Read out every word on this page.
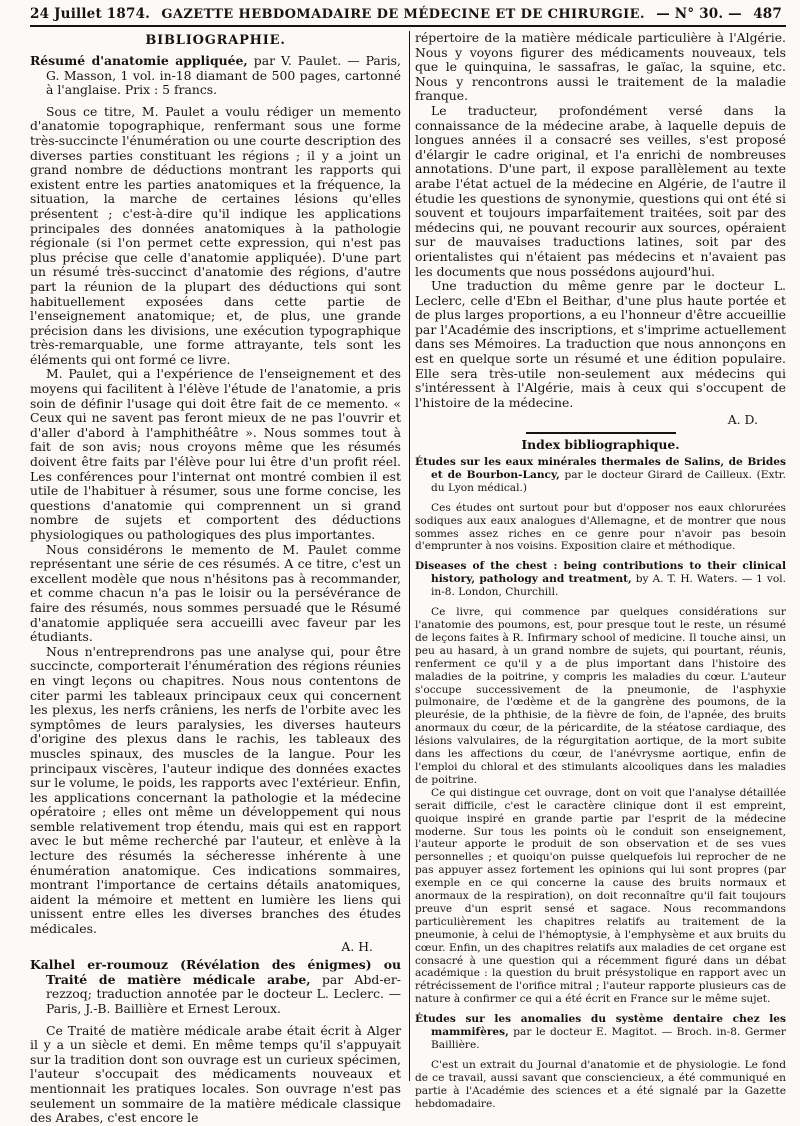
24 Juillet 1874. GAZETTE HEBDOMADAIRE DE MÉDECINE ET DE CHIRURGIE. — N° 30. — 487
BIBLIOGRAPHIE.

Résumé d'anatomie appliquée, par V. Paulet. — Paris, G. Masson, 1 vol. in-18 diamant de 500 pages, cartonné à l'anglaise. Prix : 5 francs.

Sous ce titre, M. Paulet a voulu rédiger un memento d'anatomie topographique, renfermant sous une forme très-succincte l'énumération ou une courte description des diverses parties constituant les régions ; il y a joint un grand nombre de déductions montrant les rapports qui existent entre les parties anatomiques et la fréquence, la situation, la marche de certaines lésions qu'elles présentent ; c'est-à-dire qu'il indique les applications principales des données anatomiques à la pathologie régionale (si l'on permet cette expression, qui n'est pas plus précise que celle d'anatomie appliquée). D'une part un résumé très-succinct d'anatomie des régions, d'autre part la réunion de la plupart des déductions qui sont habituellement exposées dans cette partie de l'enseignement anatomique; et, de plus, une grande précision dans les divisions, une exécution typographique très-remarquable, une forme attrayante, tels sont les éléments qui ont formé ce livre.

M. Paulet, qui a l'expérience de l'enseignement et des moyens qui facilitent à l'élève l'étude de l'anatomie, a pris soin de définir l'usage qui doit être fait de ce memento. « Ceux qui ne savent pas feront mieux de ne pas l'ouvrir et d'aller d'abord à l'amphithéâtre ». Nous sommes tout à fait de son avis; nous croyons même que les résumés doivent être faits par l'élève pour lui être d'un profit réel. Les conférences pour l'internat ont montré combien il est utile de l'habituer à résumer, sous une forme concise, les questions d'anatomie qui comprennent un si grand nombre de sujets et comportent des déductions physiologiques ou pathologiques des plus importantes.

Nous considérons le memento de M. Paulet comme représentant une série de ces résumés. A ce titre, c'est un excellent modèle que nous n'hésitons pas à recommander, et comme chacun n'a pas le loisir ou la persévérance de faire des résumés, nous sommes persuadé que le Résumé d'anatomie appliquée sera accueilli avec faveur par les étudiants.

Nous n'entreprendrons pas une analyse qui, pour être succincte, comporterait l'énumération des régions réunies en vingt leçons ou chapitres. Nous nous contentons de citer parmi les tableaux principaux ceux qui concernent les plexus, les nerfs crâniens, les nerfs de l'orbite avec les symptômes de leurs paralysies, les diverses hauteurs d'origine des plexus dans le rachis, les tableaux des muscles spinaux, des muscles de la langue. Pour les principaux viscères, l'auteur indique des données exactes sur le volume, le poids, les rapports avec l'extérieur. Enfin, les applications concernant la pathologie et la médecine opératoire ; elles ont même un développement qui nous semble relativement trop étendu, mais qui est en rapport avec le but même recherché par l'auteur, et enlève à la lecture des résumés la sécheresse inhérente à une énumération anatomique. Ces indications sommaires, montrant l'importance de certains détails anatomiques, aident la mémoire et mettent en lumière les liens qui unissent entre elles les diverses branches des études médicales.

A. H.

Kalhel er-roumouz (Révélation des énigmes) ou Traité de matière médicale arabe, par Abd-er-rezzoq; traduction annotée par le docteur L. Leclerc. — Paris, J.-B. Baillière et Ernest Leroux.

Ce Traité de matière médicale arabe était écrit à Alger il y a un siècle et demi. En même temps qu'il s'appuyait sur la tradition dont son ouvrage est un curieux spécimen, l'auteur s'occupait des médicaments nouveaux et mentionnait les pratiques locales. Son ouvrage n'est pas seulement un sommaire de la matière médicale classique des Arabes, c'est encore le

répertoire de la matière médicale particulière à l'Algérie. Nous y voyons figurer des médicaments nouveaux, tels que le quinquina, le sassafras, le gaïac, la squine, etc. Nous y rencontrons aussi le traitement de la maladie franque.

Le traducteur, profondément versé dans la connaissance de la médecine arabe, à laquelle depuis de longues années il a consacré ses veilles, s'est proposé d'élargir le cadre original, et l'a enrichi de nombreuses annotations. D'une part, il expose parallèlement au texte arabe l'état actuel de la médecine en Algérie, de l'autre il étudie les questions de synonymie, questions qui ont été si souvent et toujours imparfaitement traitées, soit par des médecins qui, ne pouvant recourir aux sources, opéraient sur de mauvaises traductions latines, soit par des orientalistes qui n'étaient pas médecins et n'avaient pas les documents que nous possédons aujourd'hui.

Une traduction du même genre par le docteur L. Leclerc, celle d'Ebn el Beithar, d'une plus haute portée et de plus larges proportions, a eu l'honneur d'être accueillie par l'Académie des inscriptions, et s'imprime actuellement dans ses Mémoires. La traduction que nous annonçons en est en quelque sorte un résumé et une édition populaire. Elle sera très-utile non-seulement aux médecins qui s'intéressent à l'Algérie, mais à ceux qui s'occupent de l'histoire de la médecine.

A. D.

Index bibliographique.

Études sur les eaux minérales thermales de Salins, de Brides et de Bourbon-Lancy, par le docteur Girard de Cailleux. (Extr. du Lyon médical.)

Ces études ont surtout pour but d'opposer nos eaux chlorurées sodiques aux eaux analogues d'Allemagne, et de montrer que nous sommes assez riches en ce genre pour n'avoir pas besoin d'emprunter à nos voisins. Exposition claire et méthodique.

Diseases of the chest : being contributions to their clinical history, pathology and treatment, by A. T. H. Waters. — 1 vol. in-8. London, Churchill.

Ce livre, qui commence par quelques considérations sur l'anatomie des poumons, est, pour presque tout le reste, un résumé de leçons faites à R. Infirmary school of medicine. Il touche ainsi, un peu au hasard, à un grand nombre de sujets, qui pourtant, réunis, renferment ce qu'il y a de plus important dans l'histoire des maladies de la poitrine, y compris les maladies du cœur. L'auteur s'occupe successivement de la pneumonie, de l'asphyxie pulmonaire, de l'œdème et de la gangrène des poumons, de la pleurésie, de la phthisie, de la fièvre de foin, de l'apnée, des bruits anormaux du cœur, de la péricardite, de la stéatose cardiaque, des lésions valvulaires, de la régurgitation aortique, de la mort subite dans les affections du cœur, de l'anévrysme aortique, enfin de l'emploi du chloral et des stimulants alcooliques dans les maladies de poitrine.

Ce qui distingue cet ouvrage, dont on voit que l'analyse détaillée serait difficile, c'est le caractère clinique dont il est empreint, quoique inspiré en grande partie par l'esprit de la médecine moderne. Sur tous les points où le conduit son enseignement, l'auteur apporte le produit de son observation et de ses vues personnelles ; et quoiqu'on puisse quelquefois lui reprocher de ne pas appuyer assez fortement les opinions qui lui sont propres (par exemple en ce qui concerne la cause des bruits normaux et anormaux de la respiration), on doit reconnaître qu'il fait toujours preuve d'un esprit sensé et sagace. Nous recommandons particulièrement les chapitres relatifs au traitement de la pneumonie, à celui de l'hémoptysie, à l'emphysème et aux bruits du cœur. Enfin, un des chapitres relatifs aux maladies de cet organe est consacré à une question qui a récemment figuré dans un débat académique : la question du bruit présystolique en rapport avec un rétrécissement de l'orifice mitral ; l'auteur rapporte plusieurs cas de nature à confirmer ce qui a été écrit en France sur le même sujet.

Études sur les anomalies du système dentaire chez les mammifères, par le docteur E. Magitot. — Broch. in-8. Germer Baillière.

C'est un extrait du Journal d'anatomie et de physiologie. Le fond de ce travail, aussi savant que consciencieux, a été communiqué en partie à l'Académie des sciences et a été signalé par la Gazette hebdomadaire.
